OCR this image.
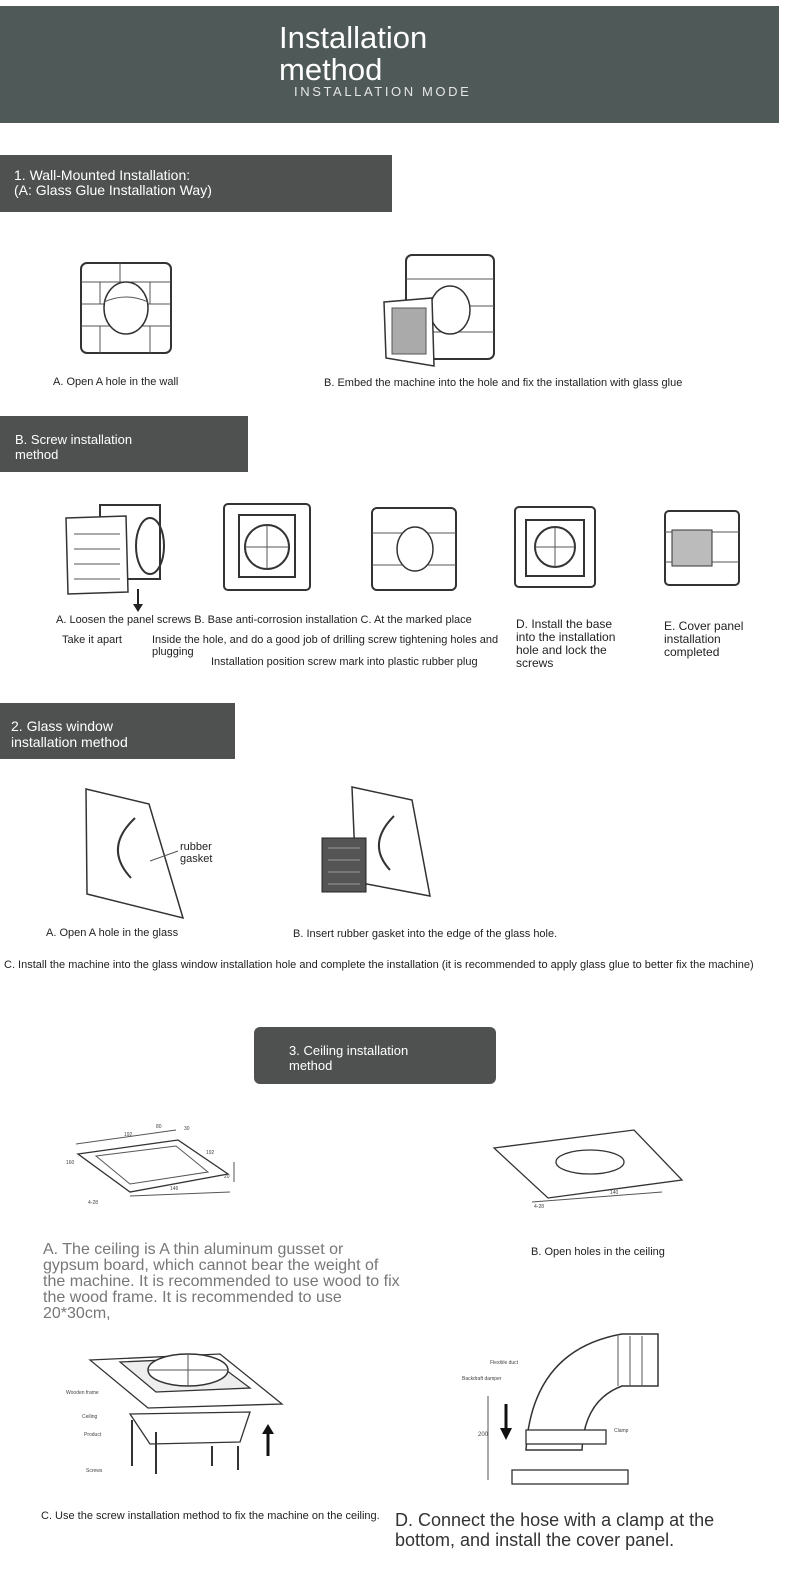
Installation method
INSTALLATION MODE
1. Wall-Mounted Installation:
(A: Glass Glue Installation Way)
A. Open A hole in the wall	B. Embed the machine into the hole and fix the installation with glass glue
B. Screw installation
method
A. Loosen the panel screws B. Base anti-corrosion installation C. At the marked place
Take it apart	Inside the hole, and do a good job of drilling screw tightening holes and plugging
Installation position screw mark into plastic rubber plug
D. Install the base into the installation hole and lock the screws
E. Cover panel installation completed
2. Glass window
installation method
rubber gasket
A. Open A hole in the glass	B. Insert rubber gasket into the edge of the glass hole.
C. Install the machine into the glass window installation hole and complete the installation (it is recommended to apply glass glue to better fix the machine)
3. Ceiling installation
method
192
80	30
160
192
20
4-28
146
4-28
140
A. The ceiling is A thin aluminum gusset or gypsum board, which cannot bear the weight of the machine. It is recommended to use wood to fix the wood frame. It is recommended to use 20*30cm,
B. Open holes in the ceiling
Wooden frame
Ceiling
Product
Screws
Flexible duct
Backdraft damper
Clamp
200
C. Use the screw installation method to fix the machine on the ceiling. D. Connect the hose with a clamp at the bottom, and install the cover panel.
